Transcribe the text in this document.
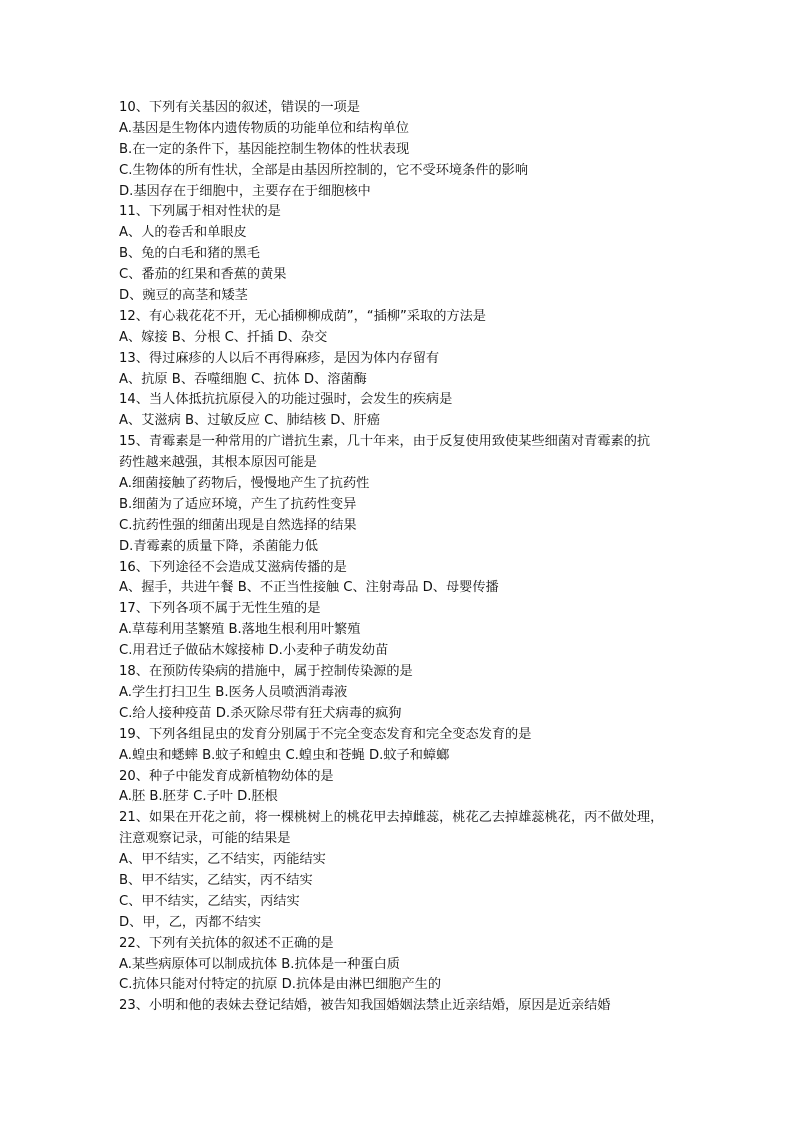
10、下列有关基因的叙述，错误的一项是
A.基因是生物体内遗传物质的功能单位和结构单位
B.在一定的条件下，基因能控制生物体的性状表现
C.生物体的所有性状，全部是由基因所控制的，它不受环境条件的影响
D.基因存在于细胞中，主要存在于细胞核中
11、下列属于相对性状的是
A、人的卷舌和单眼皮
B、兔的白毛和猪的黑毛
C、番茄的红果和香蕉的黄果
D、豌豆的高茎和矮茎
12、有心栽花花不开，无心插柳柳成荫”，“插柳”采取的方法是
A、嫁接 B、分根 C、扦插 D、杂交
13、得过麻疹的人以后不再得麻疹，是因为体内存留有
A、抗原 B、吞噬细胞 C、抗体 D、溶菌酶
14、当人体抵抗抗原侵入的功能过强时，会发生的疾病是
A、艾滋病 B、过敏反应 C、肺结核 D、肝癌
15、青霉素是一种常用的广谱抗生素，几十年来，由于反复使用致使某些细菌对青霉素的抗
药性越来越强，其根本原因可能是
A.细菌接触了药物后，慢慢地产生了抗药性
B.细菌为了适应环境，产生了抗药性变异
C.抗药性强的细菌出现是自然选择的结果
D.青霉素的质量下降，杀菌能力低
16、下列途径不会造成艾滋病传播的是
A、握手，共进午餐 B、不正当性接触 C、注射毒品 D、母婴传播
17、下列各项不属于无性生殖的是
A.草莓利用茎繁殖 B.落地生根利用叶繁殖
C.用君迁子做砧木嫁接柿 D.小麦种子萌发幼苗
18、在预防传染病的措施中，属于控制传染源的是
A.学生打扫卫生 B.医务人员喷洒消毒液
C.给人接种疫苗 D.杀灭除尽带有狂犬病毒的疯狗
19、下列各组昆虫的发育分别属于不完全变态发育和完全变态发育的是
A.蝗虫和蟋蟀 B.蚊子和蝗虫 C.蝗虫和苍蝇 D.蚊子和蟑螂
20、种子中能发育成新植物幼体的是
A.胚 B.胚芽 C.子叶 D.胚根
21、如果在开花之前，将一棵桃树上的桃花甲去掉雌蕊，桃花乙去掉雄蕊桃花，丙不做处理，
注意观察记录，可能的结果是
A、甲不结实，乙不结实，丙能结实
B、甲不结实，乙结实，丙不结实
C、甲不结实，乙结实，丙结实
D、甲，乙，丙都不结实
22、下列有关抗体的叙述不正确的是
A.某些病原体可以制成抗体 B.抗体是一种蛋白质
C.抗体只能对付特定的抗原 D.抗体是由淋巴细胞产生的
23、小明和他的表妹去登记结婚，被告知我国婚姻法禁止近亲结婚，原因是近亲结婚
